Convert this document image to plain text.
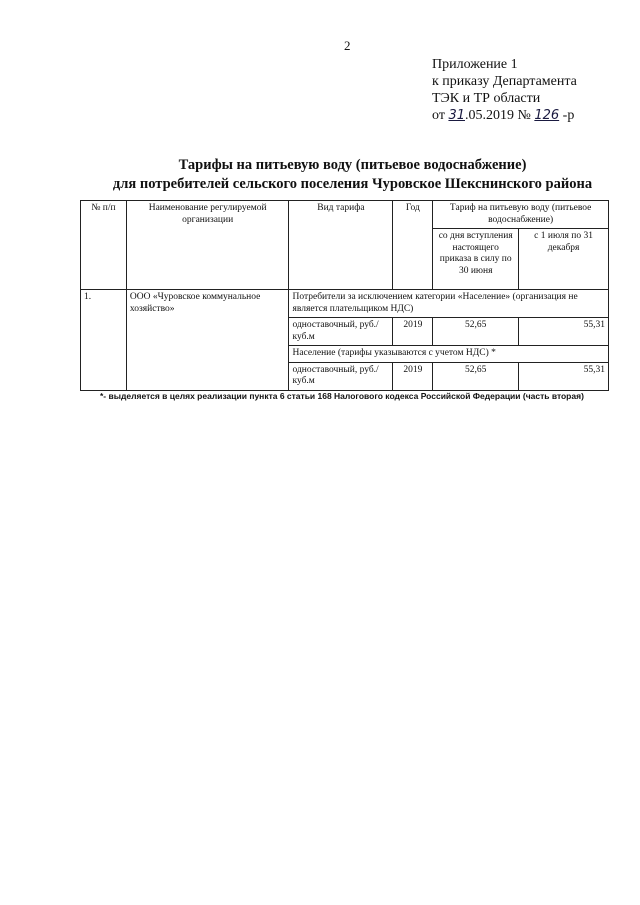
2
Приложение 1
к приказу Департамента
ТЭК и ТР области
от 31.05.2019 № 126 -р
Тарифы на питьевую воду (питьевое водоснабжение)
для потребителей сельского поселения Чуровское Шекснинского района
№ п/п	Наименование регулируемой организации	Вид тарифа	Год	Тариф на питьевую воду (питьевое водоснабжение)	
				со дня вступления настоящего приказа в силу по 30 июня	с 1 июля по 31 декабря
1.	ООО «Чуровское коммунальное хозяйство»	Потребители за исключением категории «Население» (организация не является плательщиком НДС)			
		одноставочный, руб./куб.м	2019	52,65	55,31
		Население (тарифы указываются с учетом НДС) *			
		одноставочный, руб./куб.м	2019	52,65	55,31
*- выделяется в целях реализации пункта 6 статьи 168 Налогового кодекса Российской Федерации (часть вторая)
